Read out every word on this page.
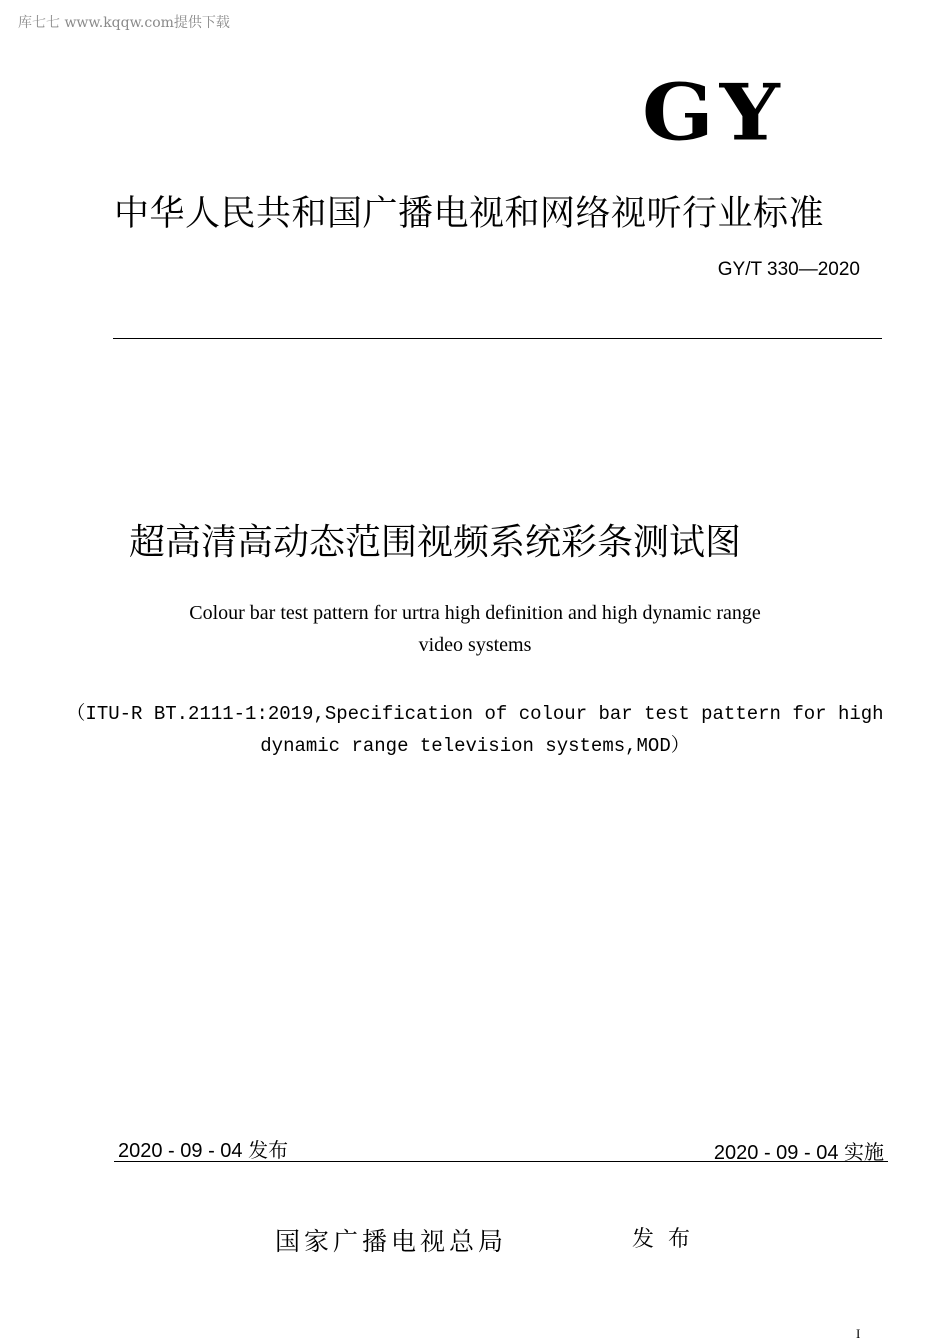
库七七 www.kqqw.com提供下载
GY
中华人民共和国广播电视和网络视听行业标准
GY/T 330—2020
超高清高动态范围视频系统彩条测试图
Colour bar test pattern for urtra high definition and high dynamic range
video systems
（ITU-R BT.2111-1:2019,Specification of colour bar test pattern for high
dynamic range television systems,MOD）
2020 - 09 - 04 发布	2020 - 09 - 04 实施
国家广播电视总局	发布
I
